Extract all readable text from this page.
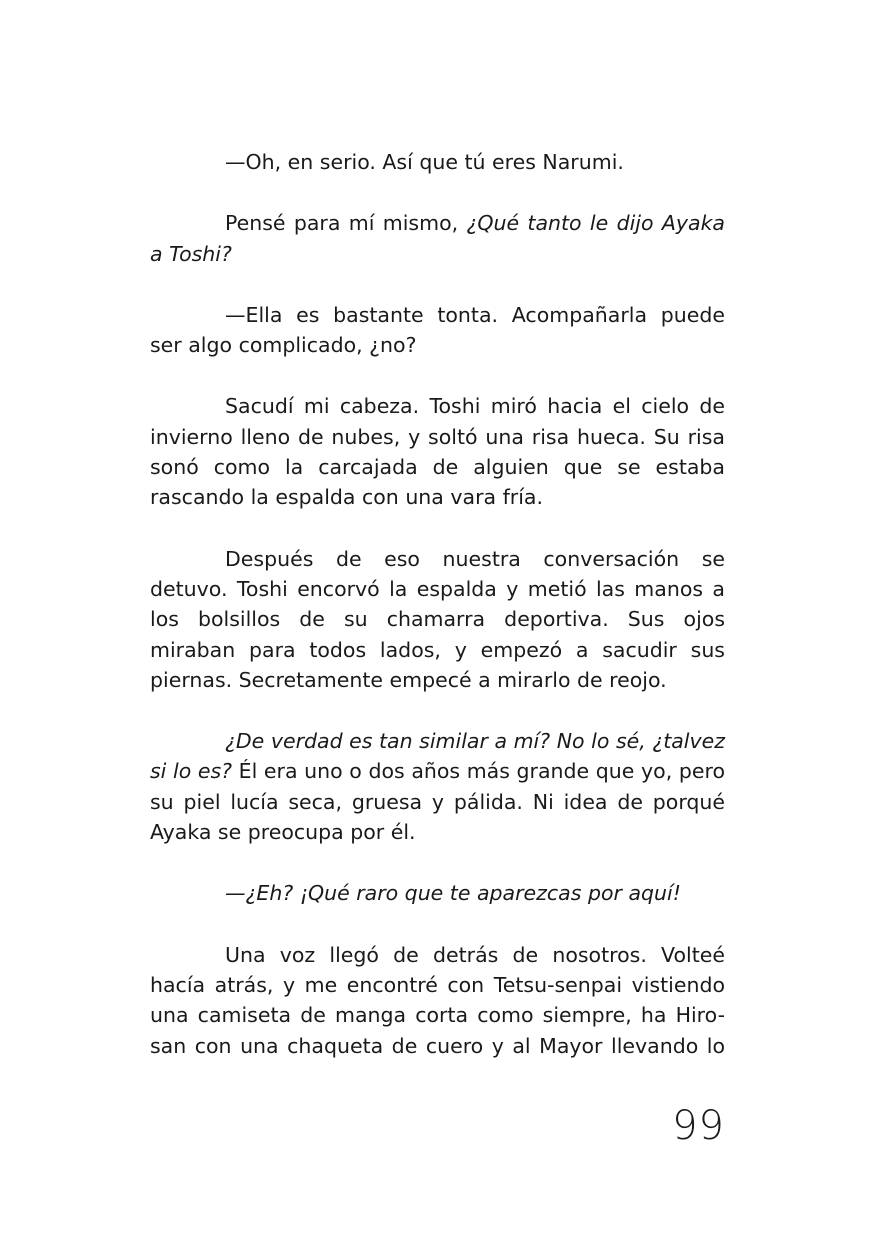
—Oh, en serio. Así que tú eres Narumi.

Pensé para mí mismo, ¿Qué tanto le dijo Ayaka a Toshi?

—Ella es bastante tonta. Acompañarla puede ser algo complicado, ¿no?

Sacudí mi cabeza. Toshi miró hacia el cielo de invierno lleno de nubes, y soltó una risa hueca. Su risa sonó como la carcajada de alguien que se estaba rascando la espalda con una vara fría.

Después de eso nuestra conversación se detuvo. Toshi encorvó la espalda y metió las manos a los bolsillos de su chamarra deportiva. Sus ojos miraban para todos lados, y empezó a sacudir sus piernas. Secretamente empecé a mirarlo de reojo.

¿De verdad es tan similar a mí? No lo sé, ¿talvez si lo es? Él era uno o dos años más grande que yo, pero su piel lucía seca, gruesa y pálida. Ni idea de porqué Ayaka se preocupa por él.

—¿Eh? ¡Qué raro que te aparezcas por aquí!

Una voz llegó de detrás de nosotros. Volteé hacía atrás, y me encontré con Tetsu-senpai vistiendo una camiseta de manga corta como siempre, ha Hiro-san con una chaqueta de cuero y al Mayor llevando lo

99
